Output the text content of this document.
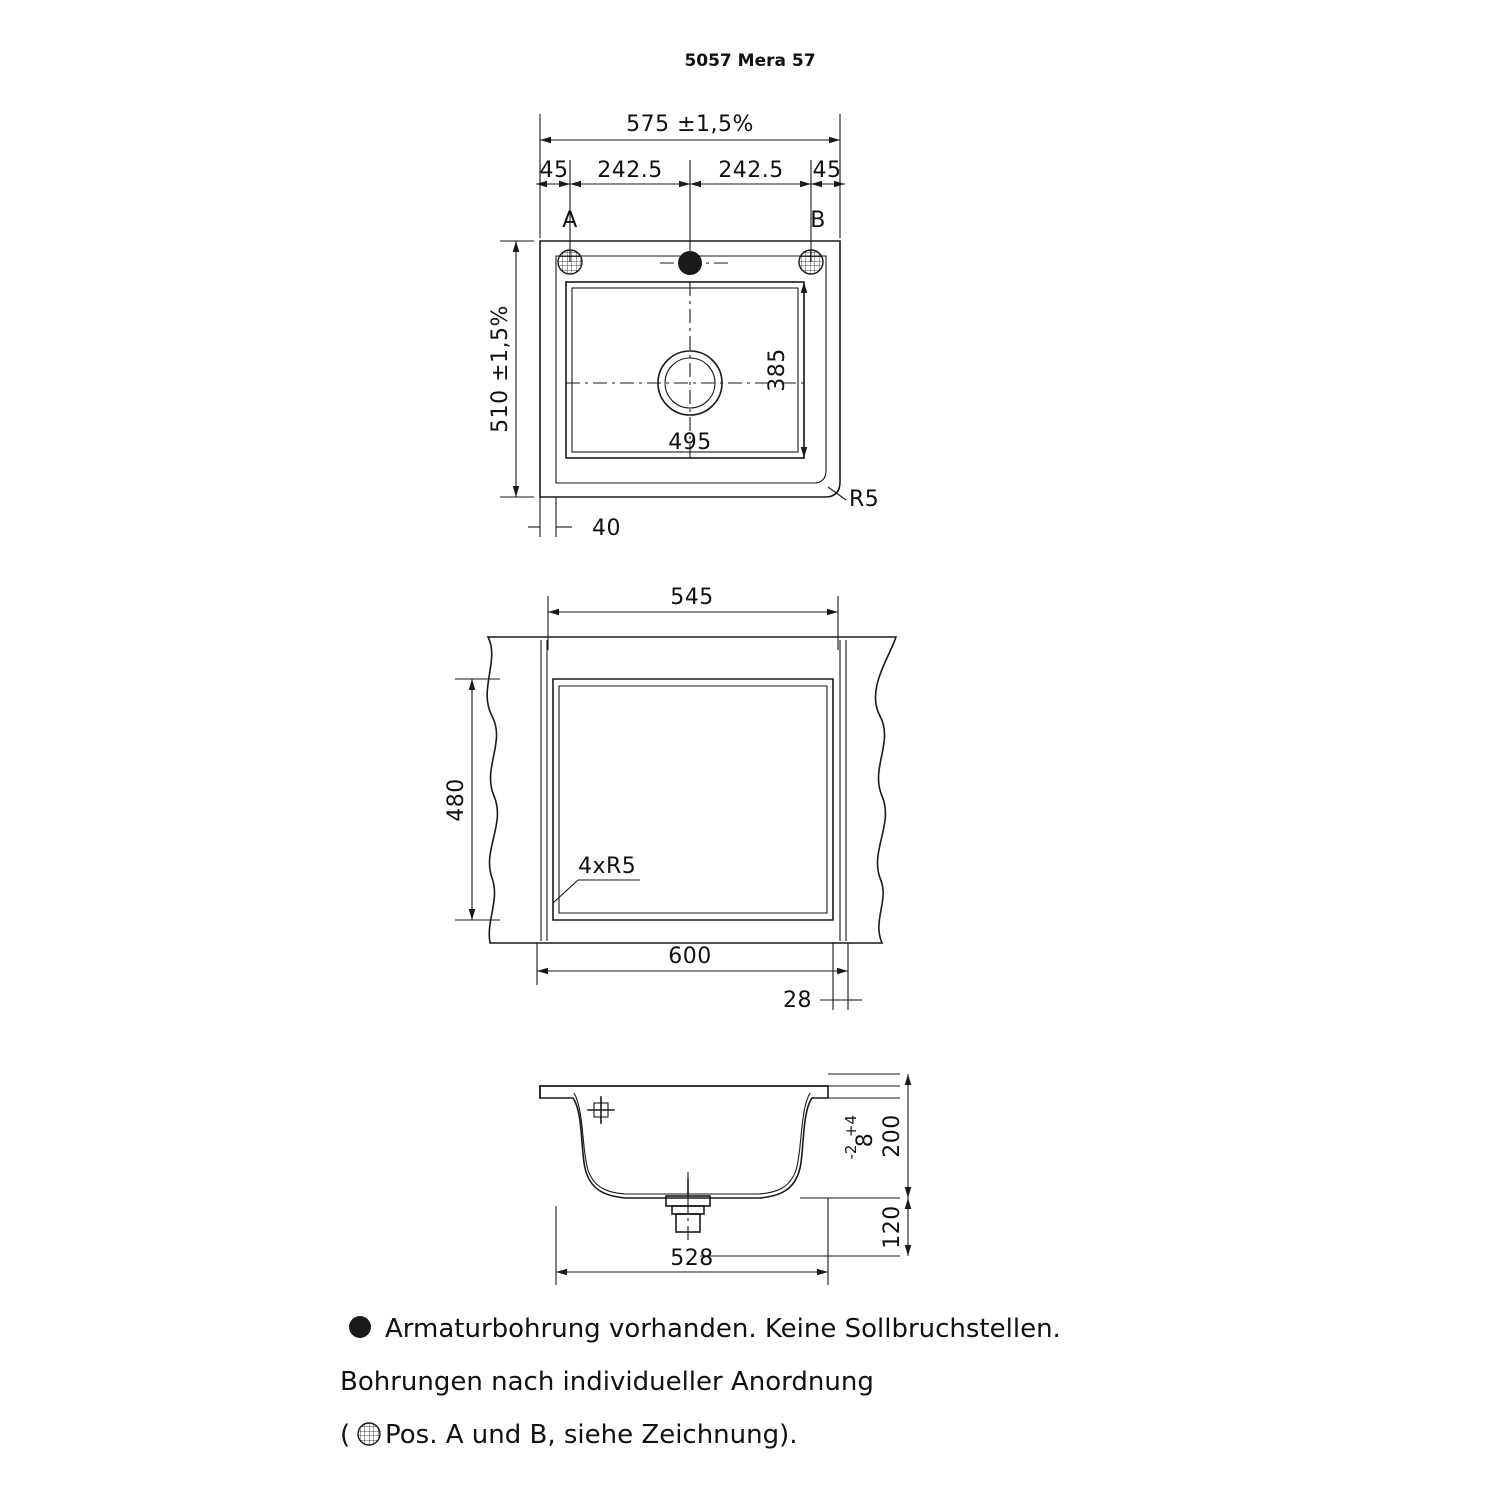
5057 Mera 57
575 ±1,5%
45 242.5	242.5 45
A	B
510 ±1,5%	385
495
R5
40
545
480
4xR5
600
28
200
8
+4
-2
120
528
Armaturbohrung vorhanden. Keine Sollbruchstellen.
Bohrungen nach individueller Anordnung
( Pos. A und B, siehe Zeichnung).
